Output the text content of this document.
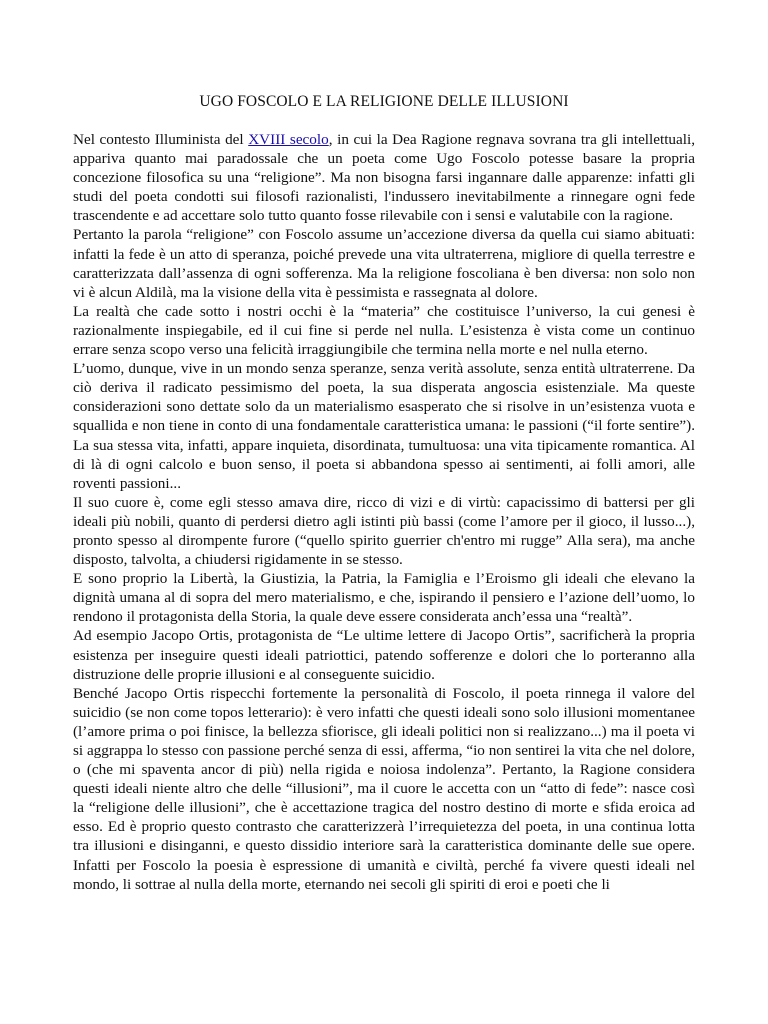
UGO FOSCOLO E LA RELIGIONE DELLE ILLUSIONI

Nel contesto Illuminista del XVIII secolo, in cui la Dea Ragione regnava sovrana tra gli intellettuali, appariva quanto mai paradossale che un poeta come Ugo Foscolo potesse basare la propria concezione filosofica su una “religione”. Ma non bisogna farsi ingannare dalle apparenze: infatti gli studi del poeta condotti sui filosofi razionalisti, l'indussero inevitabilmente a rinnegare ogni fede trascendente e ad accettare solo tutto quanto fosse rilevabile con i sensi e valutabile con la ragione.

Pertanto la parola “religione” con Foscolo assume un’accezione diversa da quella cui siamo abituati: infatti la fede è un atto di speranza, poiché prevede una vita ultraterrena, migliore di quella terrestre e caratterizzata dall’assenza di ogni sofferenza. Ma la religione foscoliana è ben diversa: non solo non vi è alcun Aldilà, ma la visione della vita è pessimista e rassegnata al dolore.

La realtà che cade sotto i nostri occhi è la “materia” che costituisce l’universo, la cui genesi è razionalmente inspiegabile, ed il cui fine si perde nel nulla. L’esistenza è vista come un continuo errare senza scopo verso una felicità irraggiungibile che termina nella morte e nel nulla eterno.

L’uomo, dunque, vive in un mondo senza speranze, senza verità assolute, senza entità ultraterrene. Da ciò deriva il radicato pessimismo del poeta, la sua disperata angoscia esistenziale. Ma queste considerazioni sono dettate solo da un materialismo esasperato che si risolve in un’esistenza vuota e squallida e non tiene in conto di una fondamentale caratteristica umana: le passioni (“il forte sentire”). La sua stessa vita, infatti, appare inquieta, disordinata, tumultuosa: una vita tipicamente romantica. Al di là di ogni calcolo e buon senso, il poeta si abbandona spesso ai sentimenti, ai folli amori, alle roventi passioni...

Il suo cuore è, come egli stesso amava dire, ricco di vizi e di virtù: capacissimo di battersi per gli ideali più nobili, quanto di perdersi dietro agli istinti più bassi (come l’amore per il gioco, il lusso...), pronto spesso al dirompente furore (“quello spirito guerrier ch'entro mi rugge” Alla sera), ma anche disposto, talvolta, a chiudersi rigidamente in se stesso.

E sono proprio la Libertà, la Giustizia, la Patria, la Famiglia e l’Eroismo gli ideali che elevano la dignità umana al di sopra del mero materialismo, e che, ispirando il pensiero e l’azione dell’uomo, lo rendono il protagonista della Storia, la quale deve essere considerata anch’essa una “realtà”.

Ad esempio Jacopo Ortis, protagonista de “Le ultime lettere di Jacopo Ortis”, sacrificherà la propria esistenza per inseguire questi ideali patriottici, patendo sofferenze e dolori che lo porteranno alla distruzione delle proprie illusioni e al conseguente suicidio.

Benché Jacopo Ortis rispecchi fortemente la personalità di Foscolo, il poeta rinnega il valore del suicidio (se non come topos letterario): è vero infatti che questi ideali sono solo illusioni momentanee (l’amore prima o poi finisce, la bellezza sfiorisce, gli ideali politici non si realizzano...) ma il poeta vi si aggrappa lo stesso con passione perché senza di essi, afferma, “io non sentirei la vita che nel dolore, o (che mi spaventa ancor di più) nella rigida e noiosa indolenza”. Pertanto, la Ragione considera questi ideali niente altro che delle “illusioni”, ma il cuore le accetta con un “atto di fede”: nasce così la “religione delle illusioni”, che è accettazione tragica del nostro destino di morte e sfida eroica ad esso. Ed è proprio questo contrasto che caratterizzerà l’irrequietezza del poeta, in una continua lotta tra illusioni e disinganni, e questo dissidio interiore sarà la caratteristica dominante delle sue opere. Infatti per Foscolo la poesia è espressione di umanità e civiltà, perché fa vivere questi ideali nel mondo, li sottrae al nulla della morte, eternando nei secoli gli spiriti di eroi e poeti che li
